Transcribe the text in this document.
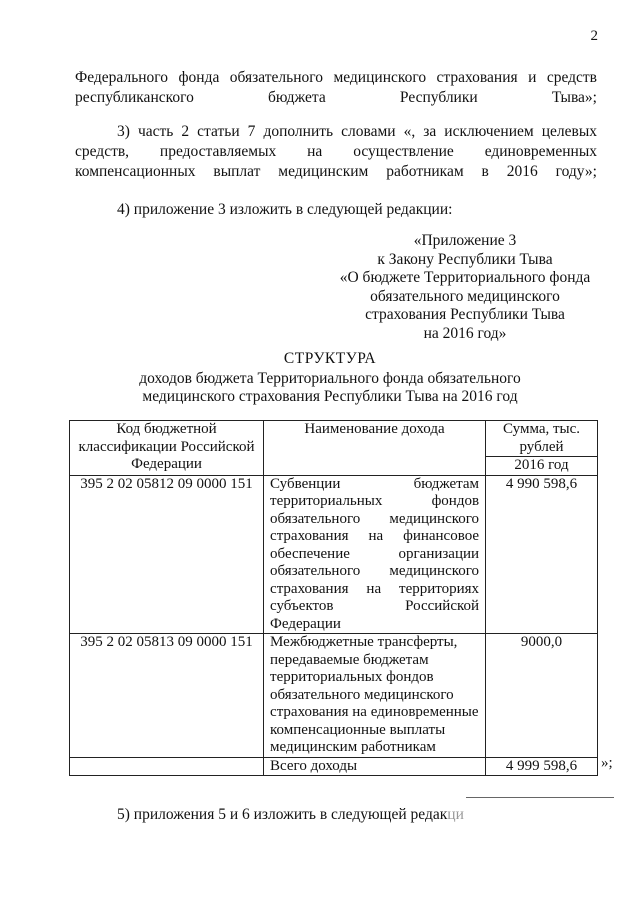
2
Федерального фонда обязательного медицинского страхования и средств республиканского бюджета Республики Тыва»;
3) часть 2 статьи 7 дополнить словами «, за исключением целевых средств, предоставляемых на осуществление единовременных компенсационных выплат медицинским работникам в 2016 году»;
4) приложение 3 изложить в следующей редакции:
«Приложение 3
к Закону Республики Тыва
«О бюджете Территориального фонда
обязательного медицинского
страхования Республики Тыва
на 2016 год»
СТРУКТУРА
доходов бюджета Территориального фонда обязательного
медицинского страхования Республики Тыва на 2016 год
Код бюджетной классификации Российской Федерации	Наименование дохода	Сумма, тыс. рублей
2016 год

395 2 02 05812 09 0000 151	Субвенции бюджетам территориальных фондов обязательного медицинского страхования на финансовое обеспечение организации обязательного медицинского страхования на территориях субъектов Российской Федерации	4 990 598,6
395 2 02 05813 09 0000 151	Межбюджетные трансферты, передаваемые бюджетам территориальных фондов обязательного медицинского страхования на единовременные компенсационные выплаты медицинским работникам	9000,0
	Всего доходы	4 999 598,6 »;
5) приложения 5 и 6 изложить в следующей редакци
